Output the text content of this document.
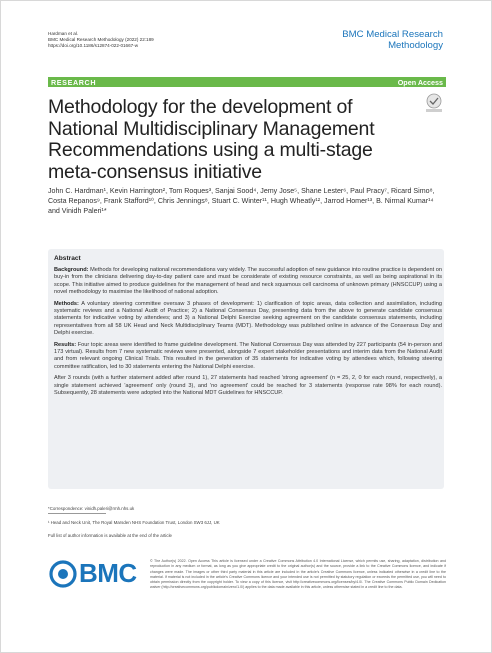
Hardman et al.
BMC Medical Research Methodology (2022) 22:189
https://doi.org/10.1186/s12874-022-01667-w
BMC Medical Research
Methodology
RESEARCH	Open Access
Methodology for the development of National Multidisciplinary Management Recommendations using a multi-stage meta-consensus initiative
John C. Hardman¹, Kevin Harrington², Tom Roques³, Sanjai Sood⁴, Jemy Jose⁵, Shane Lester⁶, Paul Pracy⁷, Ricard Simo⁸, Costa Repanos⁹, Frank Stafford¹⁰, Chris Jennings⁸, Stuart C. Winter¹¹, Hugh Wheatly¹², Jarrod Homer¹³, B. Nirmal Kumar¹⁴ and Vinidh Paleri¹*
Abstract

Background: Methods for developing national recommendations vary widely. The successful adoption of new guidance into routine practice is dependent on buy-in from the clinicians delivering day-to-day patient care and must be considerate of existing resource constraints, as well as being aspirational in its scope. This initiative aimed to produce guidelines for the management of head and neck squamous cell carcinoma of unknown primary (HNSCCUP) using a novel methodology to maximise the likelihood of national adoption.

Methods: A voluntary steering committee oversaw 3 phases of development: 1) clarification of topic areas, data collection and assimilation, including systematic reviews and a National Audit of Practice; 2) a National Consensus Day, presenting data from the above to generate candidate consensus statements for indicative voting by attendees; and 3) a National Delphi Exercise seeking agreement on the candidate consensus statements, including representatives from all 58 UK Head and Neck Multidisciplinary Teams (MDT). Methodology was published online in advance of the Consensus Day and Delphi exercise.

Results: Four topic areas were identified to frame guideline development. The National Consensus Day was attended by 227 participants (54 in-person and 173 virtual). Results from 7 new systematic reviews were presented, alongside 7 expert stakeholder presentations and interim data from the National Audit and from relevant ongoing Clinical Trials. This resulted in the generation of 35 statements for indicative voting by attendees which, following steering committee ratification, led to 30 statements entering the National Delphi exercise.

After 3 rounds (with a further statement added after round 1), 27 statements had reached 'strong agreement' (n = 25, 2, 0 for each round, respectively), a single statement achieved 'agreement' only (round 3), and 'no agreement' could be reached for 3 statements (response rate 98% for each round). Subsequently, 28 statements were adopted into the National MDT Guidelines for HNSCCUP.

*Correspondence: vinidh.paleri@rmh.nhs.uk
¹ Head and Neck Unit, The Royal Marsden NHS Foundation Trust, London SW3 6JJ, UK
Full list of author information is available at the end of the article
BMC	© The Author(s) 2022. Open Access This article is licensed under a Creative Commons Attribution 4.0 International License, which permits use, sharing, adaptation, distribution and reproduction in any medium or format, as long as you give appropriate credit to the original author(s) and the source, provide a link to the Creative Commons licence, and indicate if changes were made. The images or other third party material in this article are included in the article's Creative Commons licence, unless indicated otherwise in a credit line to the material. If material is not included in the article's Creative Commons licence and your intended use is not permitted by statutory regulation or exceeds the permitted use, you will need to obtain permission directly from the copyright holder. To view a copy of this licence, visit http://creativecommons.org/licenses/by/4.0/. The Creative Commons Public Domain Dedication waiver (http://creativecommons.org/publicdomain/zero/1.0/) applies to the data made available in this article, unless otherwise stated in a credit line to the data.
